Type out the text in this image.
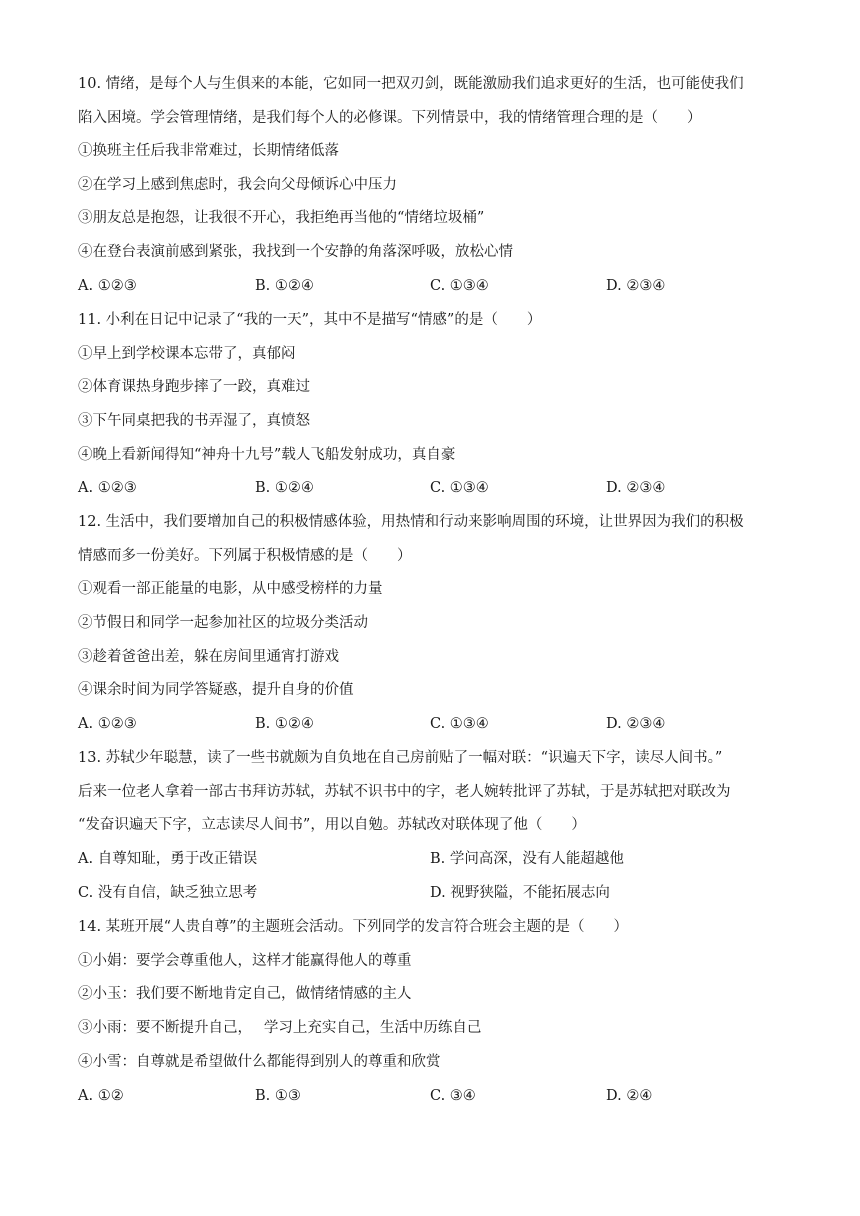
10. 情绪，是每个人与生俱来的本能，它如同一把双刃剑，既能激励我们追求更好的生活，也可能使我们
陷入困境。学会管理情绪，是我们每个人的必修课。下列情景中，我的情绪管理合理的是（　　）
①换班主任后我非常难过，长期情绪低落
②在学习上感到焦虑时，我会向父母倾诉心中压力
③朋友总是抱怨，让我很不开心，我拒绝再当他的“情绪垃圾桶”
④在登台表演前感到紧张，我找到一个安静的角落深呼吸，放松心情
A. ①②③	B. ①②④	C. ①③④	D. ②③④
11. 小利在日记中记录了“我的一天”，其中不是描写“情感”的是（　　）
①早上到学校课本忘带了，真郁闷
②体育课热身跑步摔了一跤，真难过
③下午同桌把我的书弄湿了，真愤怒
④晚上看新闻得知“神舟十九号”载人飞船发射成功，真自豪
A. ①②③	B. ①②④	C. ①③④	D. ②③④
12. 生活中，我们要增加自己的积极情感体验，用热情和行动来影响周围的环境，让世界因为我们的积极
情感而多一份美好。下列属于积极情感的是（　　）
①观看一部正能量的电影，从中感受榜样的力量
②节假日和同学一起参加社区的垃圾分类活动
③趁着爸爸出差，躲在房间里通宵打游戏
④课余时间为同学答疑惑，提升自身的价值
A. ①②③	B. ①②④	C. ①③④	D. ②③④
13. 苏轼少年聪慧，读了一些书就颇为自负地在自己房前贴了一幅对联：“识遍天下字，读尽人间书。”
后来一位老人拿着一部古书拜访苏轼，苏轼不识书中的字，老人婉转批评了苏轼，于是苏轼把对联改为
“发奋识遍天下字，立志读尽人间书”，用以自勉。苏轼改对联体现了他（　　）
A. 自尊知耻，勇于改正错误	B. 学问高深，没有人能超越他
C. 没有自信，缺乏独立思考	D. 视野狭隘，不能拓展志向
14. 某班开展“人贵自尊”的主题班会活动。下列同学的发言符合班会主题的是（　　）
①小娟：要学会尊重他人，这样才能赢得他人的尊重
②小玉：我们要不断地肯定自己，做情绪情感的主人
③小雨：要不断提升自己，　 学习上充实自己，生活中历练自己
④小雪：自尊就是希望做什么都能得到别人的尊重和欣赏
A. ①②	B. ①③	C. ③④	D. ②④
